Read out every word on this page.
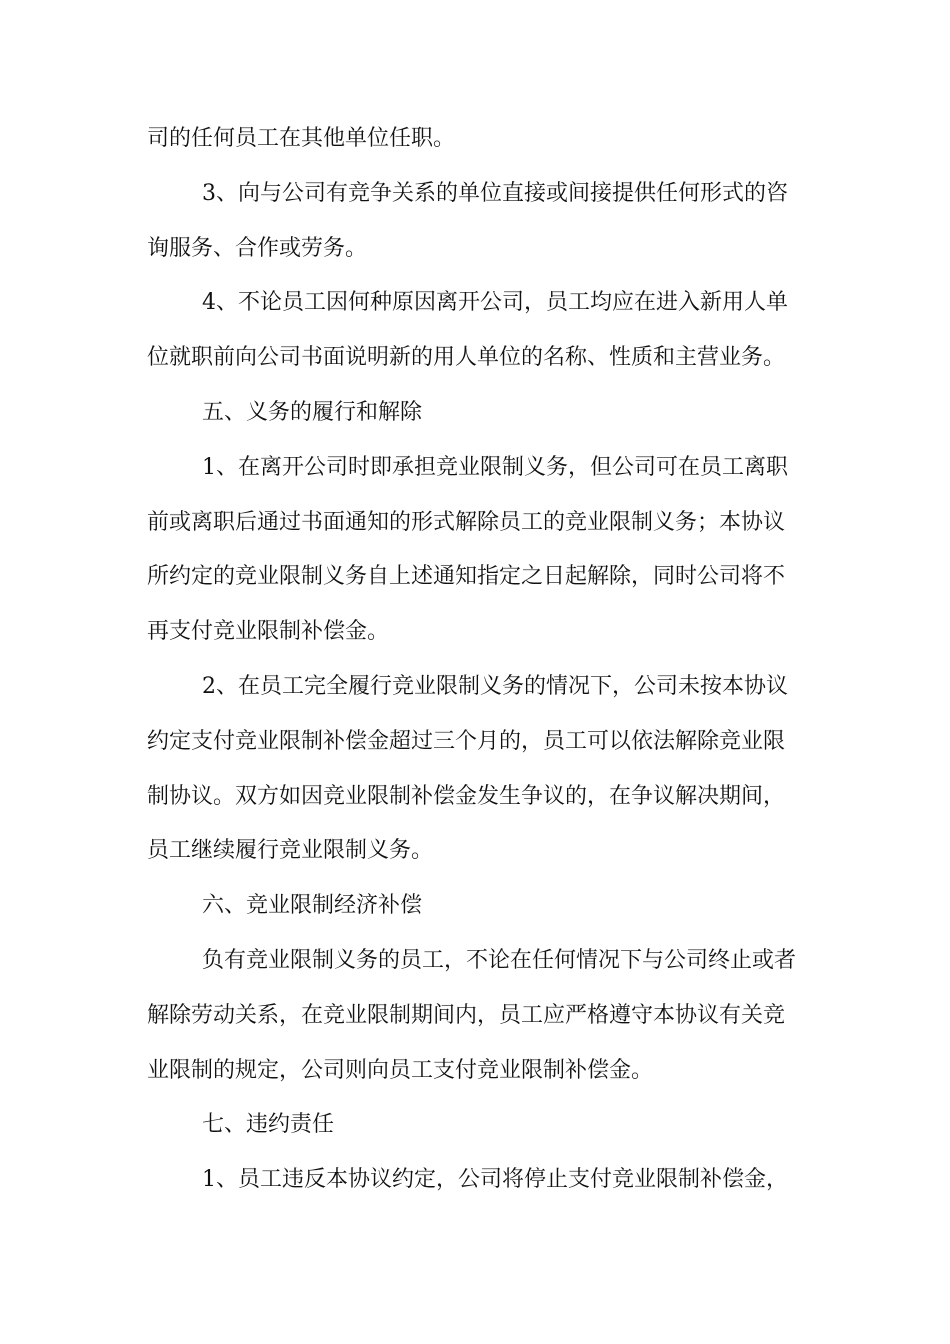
司的任何员工在其他单位任职。

3、向与公司有竞争关系的单位直接或间接提供任何形式的咨
询服务、合作或劳务。

4、不论员工因何种原因离开公司，员工均应在进入新用人单
位就职前向公司书面说明新的用人单位的名称、性质和主营业务。

五、义务的履行和解除

1、在离开公司时即承担竞业限制义务，但公司可在员工离职
前或离职后通过书面通知的形式解除员工的竞业限制义务；本协议
所约定的竞业限制义务自上述通知指定之日起解除，同时公司将不
再支付竞业限制补偿金。

2、在员工完全履行竞业限制义务的情况下，公司未按本协议
约定支付竞业限制补偿金超过三个月的，员工可以依法解除竞业限
制协议。双方如因竞业限制补偿金发生争议的，在争议解决期间，
员工继续履行竞业限制义务。

六、竞业限制经济补偿

负有竞业限制义务的员工，不论在任何情况下与公司终止或者
解除劳动关系，在竞业限制期间内，员工应严格遵守本协议有关竞
业限制的规定，公司则向员工支付竞业限制补偿金。

七、违约责任

1、员工违反本协议约定，公司将停止支付竞业限制补偿金，
